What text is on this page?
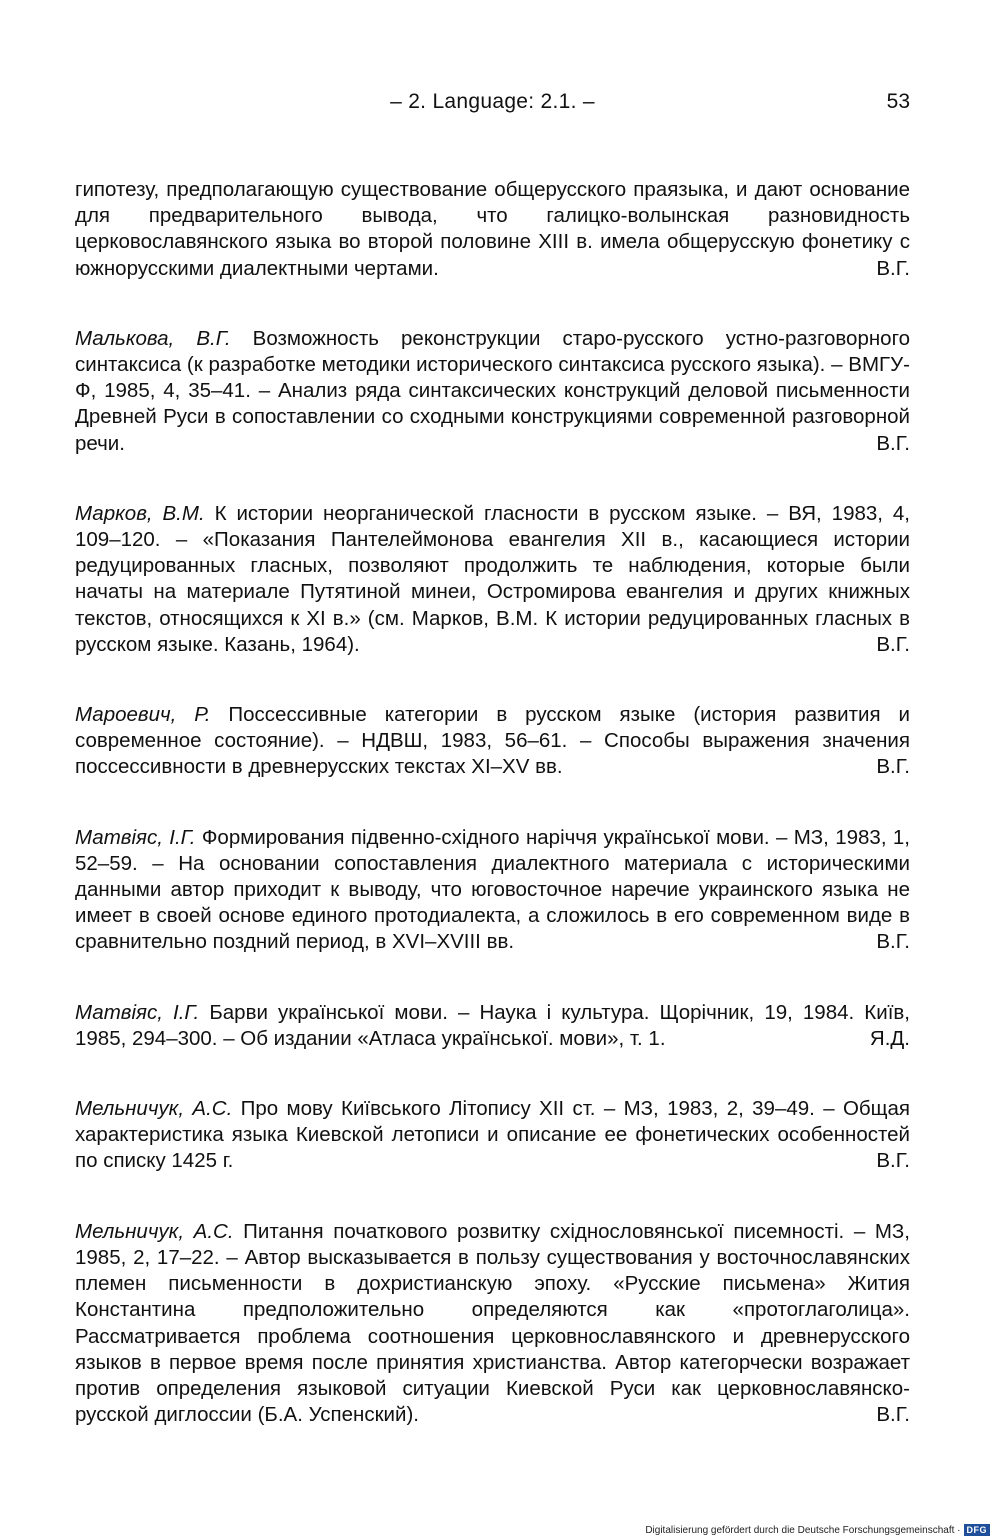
– 2. Language: 2.1. –	53

гипотезу, предполагающую существование общерусского праязыка, и дают основание для предварительного вывода, что галицко-волынская разновидность церковославянского языка во второй половине XIII в. имела общерусскую фонетику с южнорусскими диалектными чертами.	В.Г.

Малькова, В.Г. Возможность реконструкции старо-русского устно-разговорного синтаксиса (к разработке методики исторического синтаксиса русского языка). – ВМГУ-Ф, 1985, 4, 35–41. – Анализ ряда синтаксических конструкций деловой письменности Древней Руси в сопоставлении со сходными конструкциями современной разговорной речи.	В.Г.

Марков, В.М. К истории неорганической гласности в русском языке. – ВЯ, 1983, 4, 109–120. – «Показания Пантелеймонова евангелия XII в., касающиеся истории редуцированных гласных, позволяют продолжить те наблюдения, которые были начаты на материале Путятиной минеи, Остромирова евангелия и других книжных текстов, относящихся к XI в.» (см. Марков, В.М. К истории редуцированных гласных в русском языке. Казань, 1964).	В.Г.

Мароевич, Р. Поссессивные категории в русском языке (история развития и современное состояние). – НДВШ, 1983, 56–61. – Способы выражения значения поссессивности в древнерусских текстах XI–XV вв.	В.Г.

Матвіяс, І.Г. Формирования підвенно-східного наріччя української мови. – МЗ, 1983, 1, 52–59. – На основании сопоставления диалектного материала с историческими данными автор приходит к выводу, что юговосточное наречие украинского языка не имеет в своей основе единого протодиалекта, а сложилось в его современном виде в сравнительно поздний период, в XVI–XVIII вв.	В.Г.

Матвіяс, І.Г. Барви української мови. – Наука і культура. Щорічник, 19, 1984. Київ, 1985, 294–300. – Об издании «Атласа української. мови», т. 1.	Я.Д.

Мельничук, А.С. Про мову Київського Літопису XII ст. – МЗ, 1983, 2, 39–49. – Общая характеристика языка Киевской летописи и описание ее фонетических особенностей по списку 1425 г.	В.Г.

Мельничук, А.С. Питання початкового розвитку східнословянської писемності. – МЗ, 1985, 2, 17–22. – Автор высказывается в пользу существования у восточнославянских племен письменности в дохристианскую эпоху. «Русские письмена» Жития Константина предположительно определяются как «протоглаголица». Рассматривается проблема соотношения церковнославянского и древнерусского языков в первое время после принятия христианства. Автор категорчески возражает против определения языковой ситуации Киевской Руси как церковнославянско-русской диглоссии (Б.А. Успенский).	В.Г.

Digitalisierung gefördert durch die Deutsche Forschungsgemeinschaft · DFG
